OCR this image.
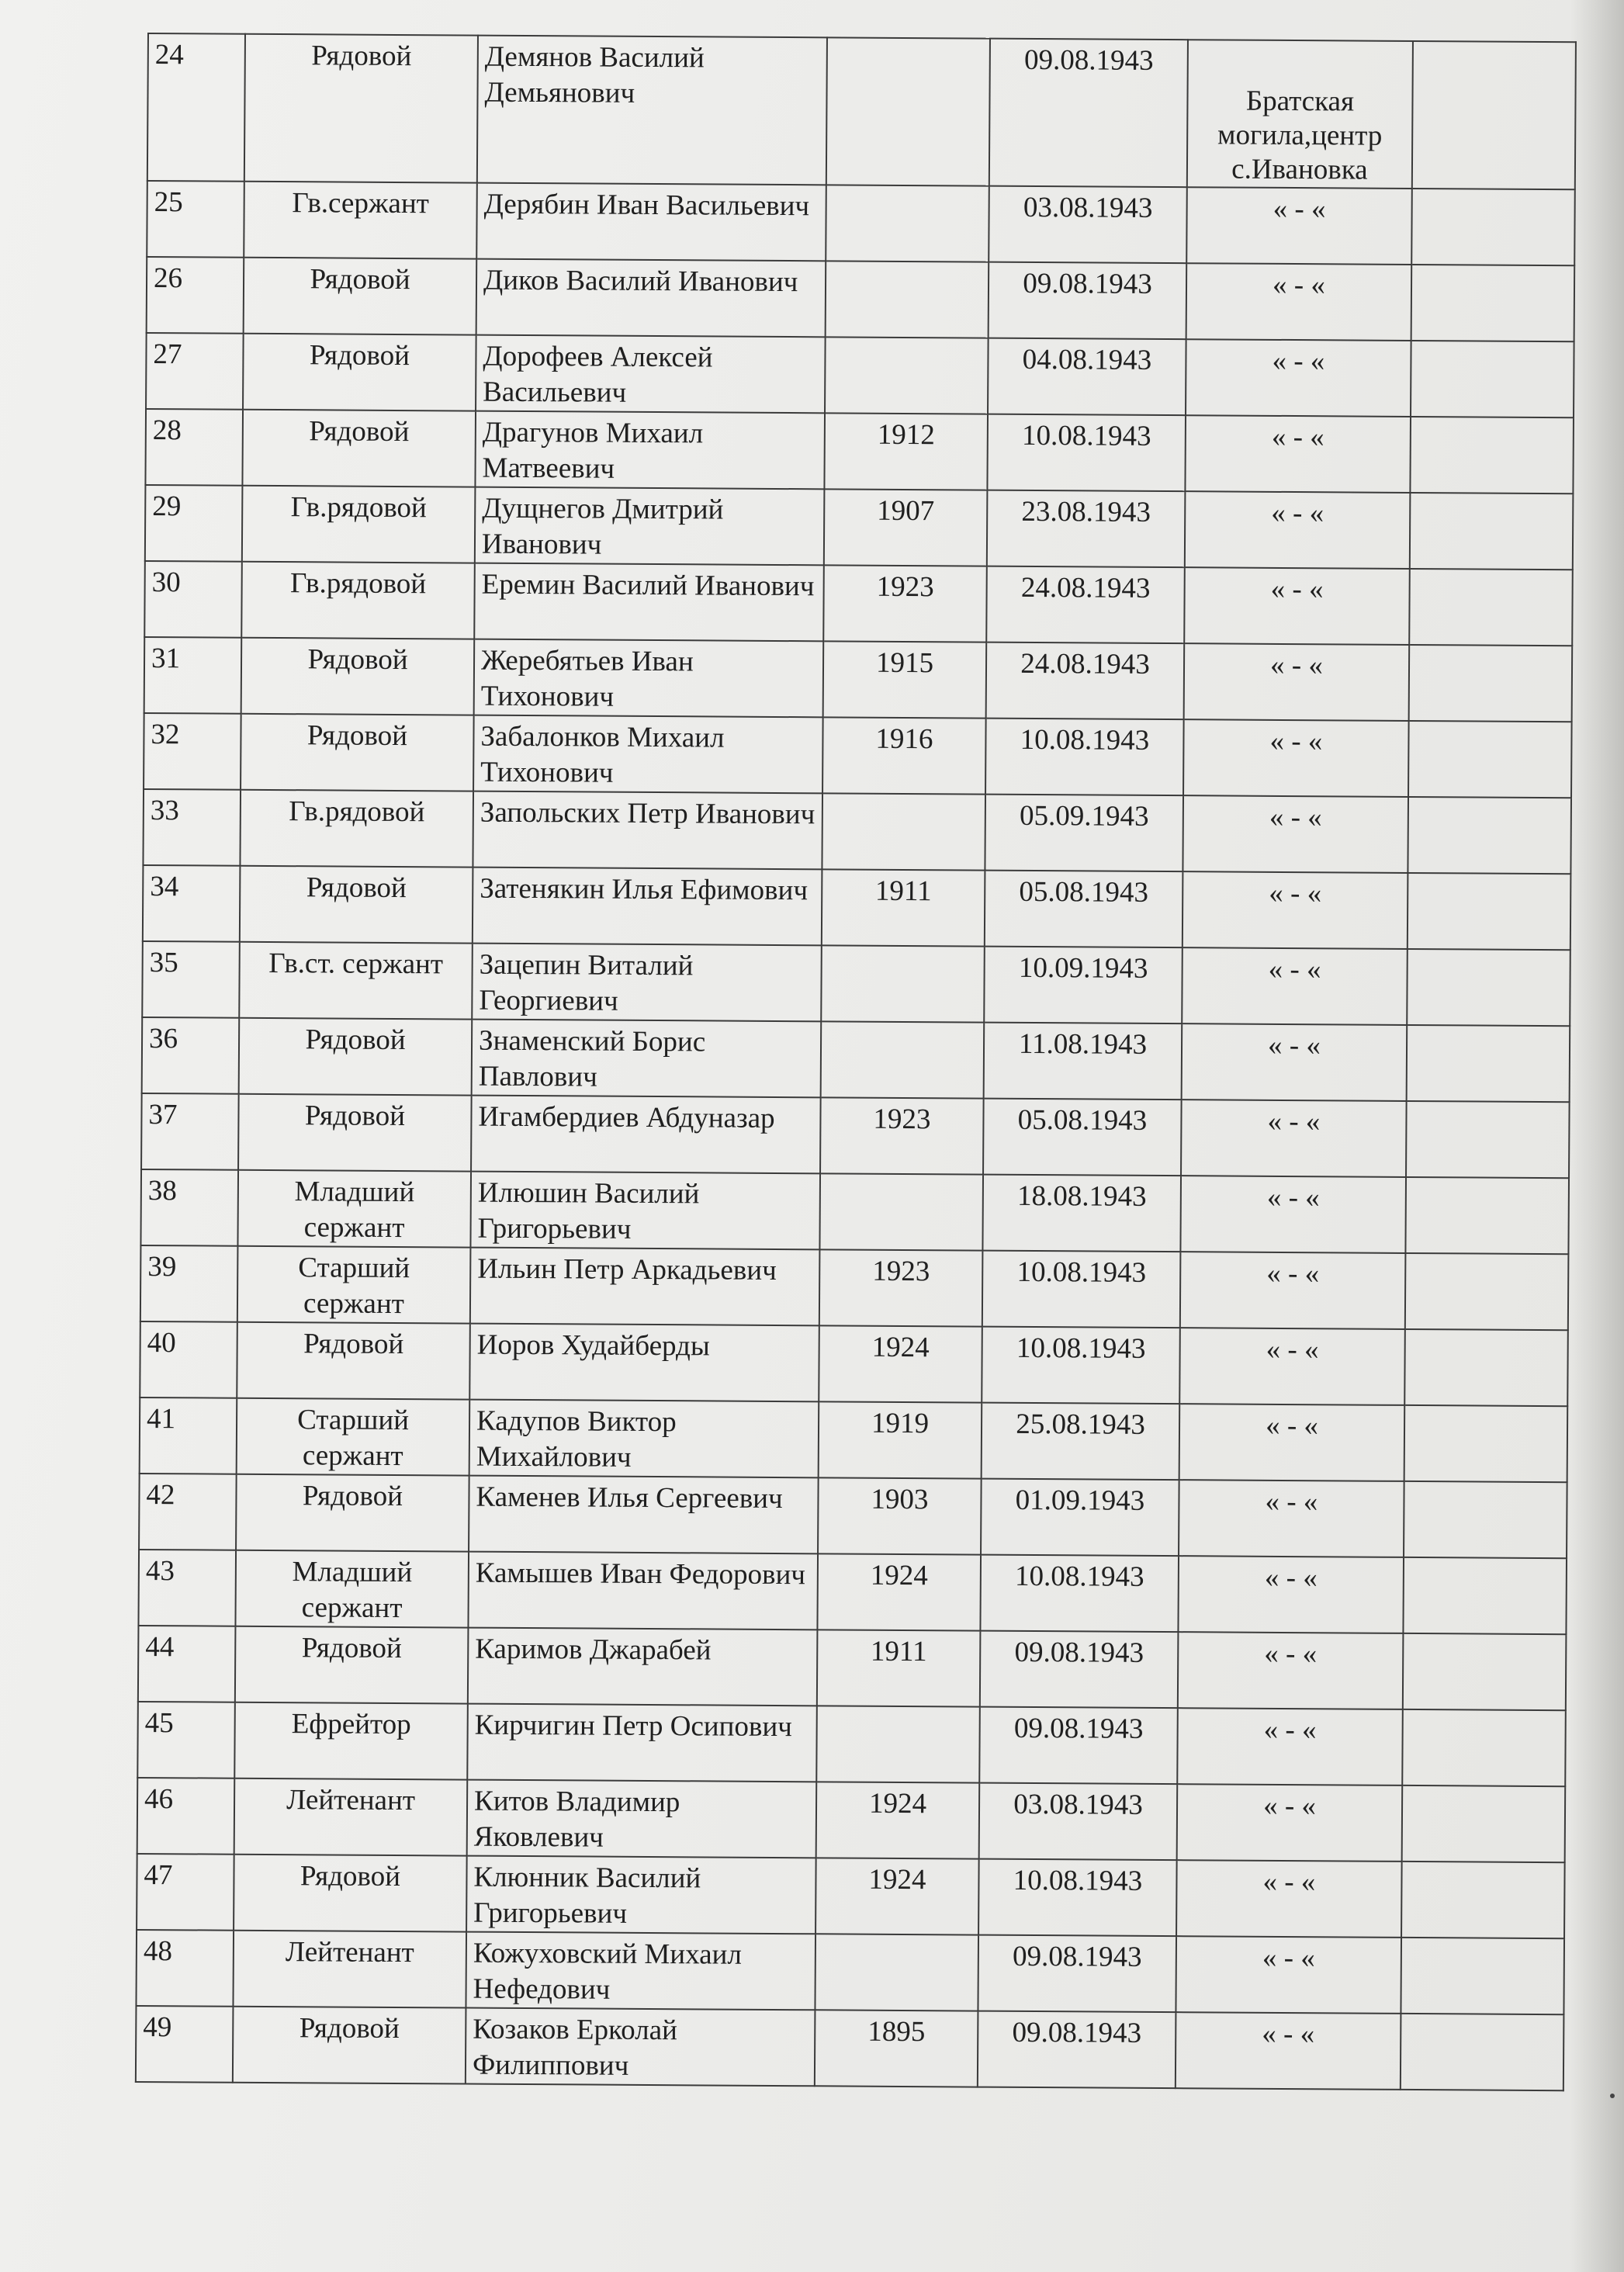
24	Рядовой	Демянов Василий Демьянович		09.08.1943	Братская могила,центр с.Ивановка	
25	Гв.сержант	Дерябин Иван Васильевич		03.08.1943	« - «	
26	Рядовой	Диков Василий Иванович		09.08.1943	« - «	
27	Рядовой	Дорофеев Алексей Васильевич		04.08.1943	« - «	
28	Рядовой	Драгунов Михаил Матвеевич	1912	10.08.1943	« - «	
29	Гв.рядовой	Дущнегов Дмитрий Иванович	1907	23.08.1943	« - «	
30	Гв.рядовой	Еремин Василий Иванович	1923	24.08.1943	« - «	
31	Рядовой	Жеребятьев Иван Тихонович	1915	24.08.1943	« - «	
32	Рядовой	Забалонков Михаил Тихонович	1916	10.08.1943	« - «	
33	Гв.рядовой	Запольских Петр Иванович		05.09.1943	« - «	
34	Рядовой	Затенякин Илья Ефимович	1911	05.08.1943	« - «	
35	Гв.ст. сержант	Зацепин Виталий Георгиевич		10.09.1943	« - «	
36	Рядовой	Знаменский Борис Павлович		11.08.1943	« - «	
37	Рядовой	Игамбердиев Абдуназар	1923	05.08.1943	« - «	
38	Младший сержант	Илюшин Василий Григорьевич		18.08.1943	« - «	
39	Старший сержант	Ильин Петр Аркадьевич	1923	10.08.1943	« - «	
40	Рядовой	Иоров Худайберды	1924	10.08.1943	« - «	
41	Старший сержант	Кадупов Виктор Михайлович	1919	25.08.1943	« - «	
42	Рядовой	Каменев Илья Сергеевич	1903	01.09.1943	« - «	
43	Младший сержант	Камышев Иван Федорович	1924	10.08.1943	« - «	
44	Рядовой	Каримов Джарабей	1911	09.08.1943	« - «	
45	Ефрейтор	Кирчигин Петр Осипович		09.08.1943	« - «	
46	Лейтенант	Китов Владимир Яковлевич	1924	03.08.1943	« - «	
47	Рядовой	Клюнник Василий Григорьевич	1924	10.08.1943	« - «	
48	Лейтенант	Кожуховский Михаил Нефедович		09.08.1943	« - «	
49	Рядовой	Козаков Ерколай Филиппович	1895	09.08.1943	« - «	
